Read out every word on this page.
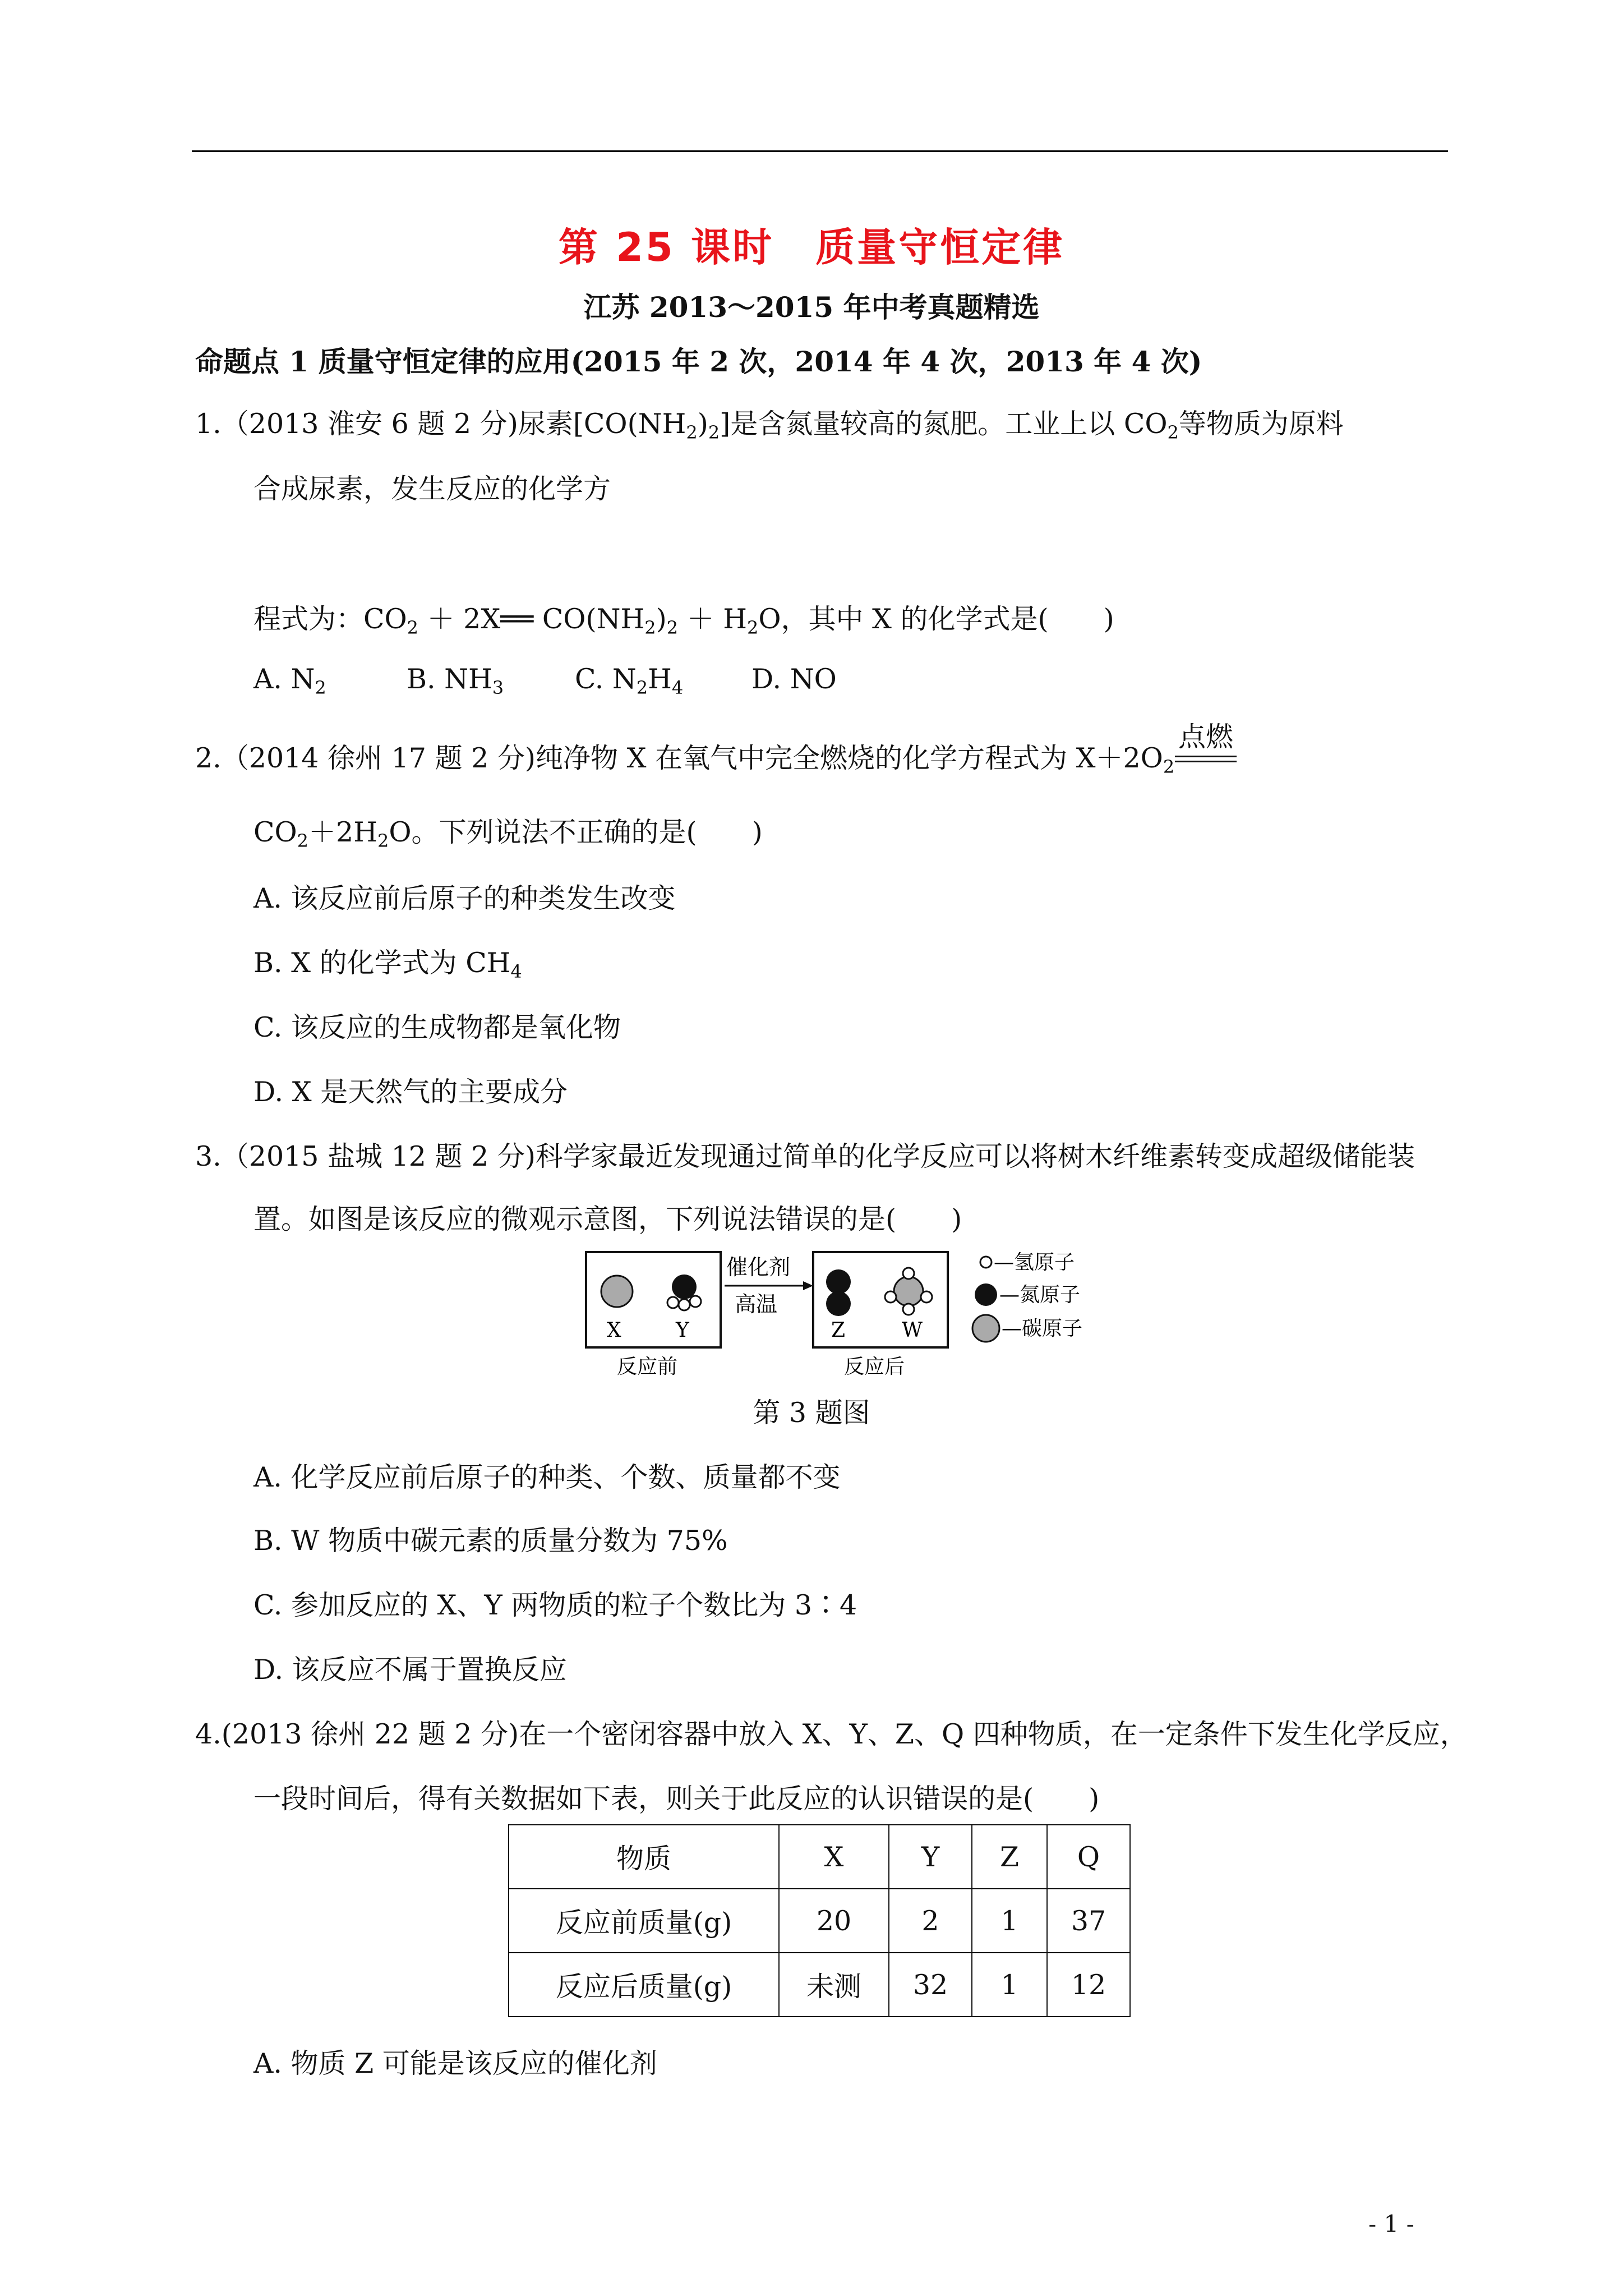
第 25 课时　质量守恒定律
江苏 2013～2015 年中考真题精选
命题点 1 质量守恒定律的应用(2015 年 2 次，2014 年 4 次，2013 年 4 次)
1.（2013 淮安 6 题 2 分)尿素$[CO(NH_2)_2]$是含氮量较高的氮肥。工业上以 $CO_2$等物质为原料
合成尿素，发生反应的化学方
程式为：$CO_2$ ＋ 2X══ $CO(NH_2)_2 + H_2O$，其中 X 的化学式是(　　)
A. $N_2$	B. $NH_3$	C. $N_2H_4$ D. NO
2.（2014 徐州 17 题 2 分)纯净物 X 在氧气中完全燃烧的化学方程式为 $X+2O_2$
点燃
$CO_2+2H_2O$。下列说法不正确的是(　　)
A. 该反应前后原子的种类发生改变
B. X 的化学式为 $CH_4$
C. 该反应的生成物都是氧化物
D. X 是天然气的主要成分
3.（2015 盐城 12 题 2 分)科学家最近发现通过简单的化学反应可以将树木纤维素转变成超级储能装
置。如图是该反应的微观示意图，下列说法错误的是(　　)
X	Y
反应前
催化剂
高温
Z	W
反应后
—氢原子
—氮原子
—碳原子
第 3 题图
A. 化学反应前后原子的种类、个数、质量都不变
B. W 物质中碳元素的质量分数为 75%
C. 参加反应的 X、Y 两物质的粒子个数比为 3∶4
D. 该反应不属于置换反应
4.(2013 徐州 22 题 2 分)在一个密闭容器中放入 X、Y、Z、Q 四种物质，在一定条件下发生化学反应，
一段时间后，得有关数据如下表，则关于此反应的认识错误的是(　　)
物质	X	Y	Z	Q
反应前质量(g)	20	2	1	37
反应后质量(g)	未测	32	1	12
A. 物质 Z 可能是该反应的催化剂
- 1 -
